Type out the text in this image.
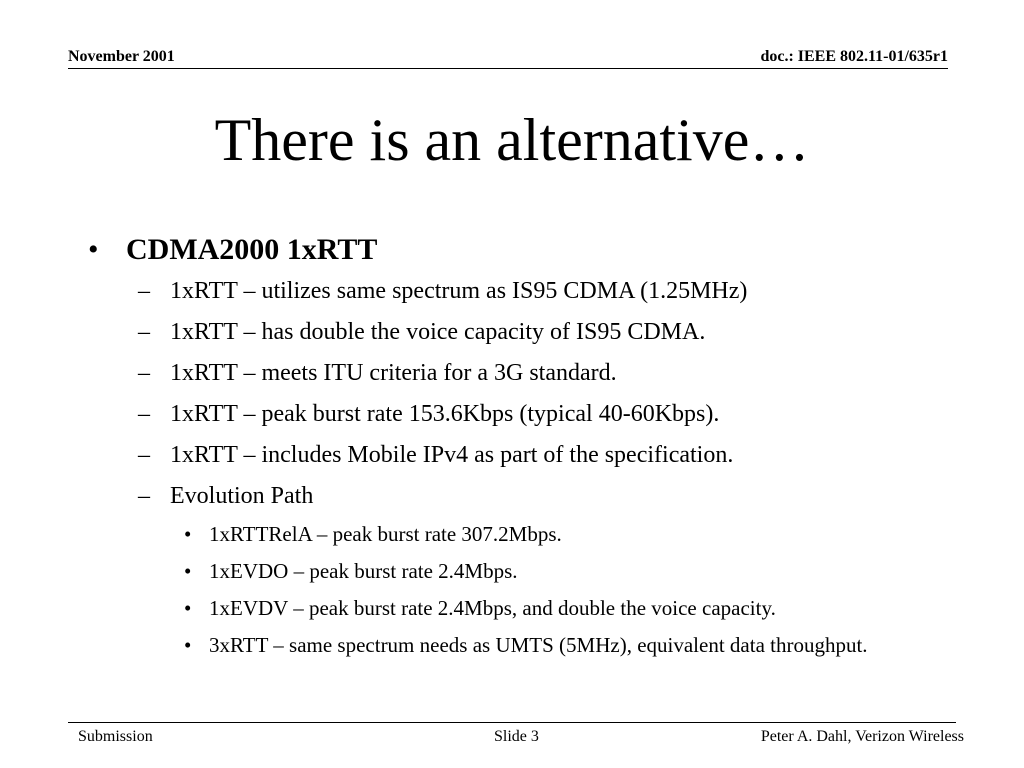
November 2001	doc.: IEEE 802.11-01/635r1
There is an alternative…
• CDMA2000 1xRTT
– 1xRTT – utilizes same spectrum as IS95 CDMA (1.25MHz)
– 1xRTT – has double the voice capacity of IS95 CDMA.
– 1xRTT – meets ITU criteria for a 3G standard.
– 1xRTT – peak burst rate 153.6Kbps (typical 40-60Kbps).
– 1xRTT – includes Mobile IPv4 as part of the specification.
– Evolution Path
• 1xRTTRelA – peak burst rate 307.2Mbps.
• 1xEVDO – peak burst rate 2.4Mbps.
• 1xEVDV – peak burst rate 2.4Mbps, and double the voice capacity.
• 3xRTT – same spectrum needs as UMTS (5MHz), equivalent data throughput.
Submission	Slide 3	Peter A. Dahl, Verizon Wireless
